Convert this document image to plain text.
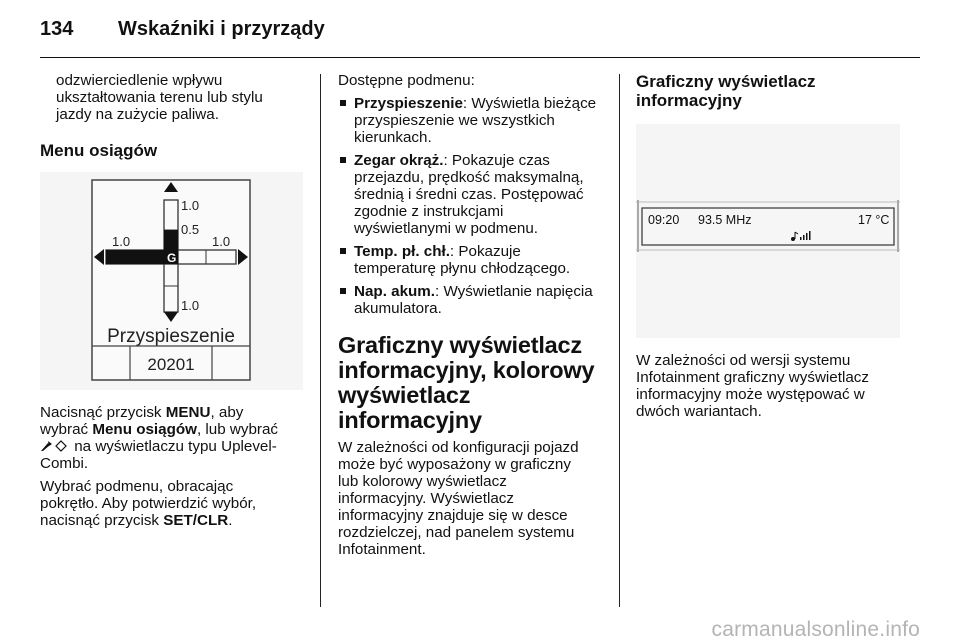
134 Wskaźniki i przyrządy

odzwierciedlenie wpływu

ukształtowania terenu lub stylu

jazdy na zużycie paliwa.

Menu osiągów
1.0
0.5
1.0	1.0
1.0
G
Przyspieszenie
20201

Nacisnąć przycisk MENU, aby

wybrać Menu osiągów, lub wybrać

na wyświetlaczu typu Uplevel-

Combi.

Wybrać podmenu, obracając

pokrętło. Aby potwierdzić wybór,

nacisnąć przycisk SET/CLR.

Dostępne podmenu:

Przyspieszenie: Wyświetla bieżące

przyspieszenie we wszystkich

kierunkach.

Zegar okrąż.: Pokazuje czas

przejazdu, prędkość maksymalną,

średnią i średni czas. Postępować

zgodnie z instrukcjami

wyświetlanymi w podmenu.

Temp. pł. chł.: Pokazuje

temperaturę płynu chłodzącego.

Nap. akum.: Wyświetlanie napięcia

akumulatora.

Graficzny wyświetlacz
informacyjny, kolorowy
wyświetlacz informacyjny

W zależności od konfiguracji pojazd

może być wyposażony w graficzny

lub kolorowy wyświetlacz

informacyjny. Wyświetlacz

informacyjny znajduje się w desce

rozdzielczej, nad panelem systemu

Infotainment.

Graficzny wyświetlacz
informacyjny
09:20 93.5 MHz	17 °C

W zależności od wersji systemu

Infotainment graficzny wyświetlacz

informacyjny może występować w

dwóch wariantach.

carmanualsonline.info
